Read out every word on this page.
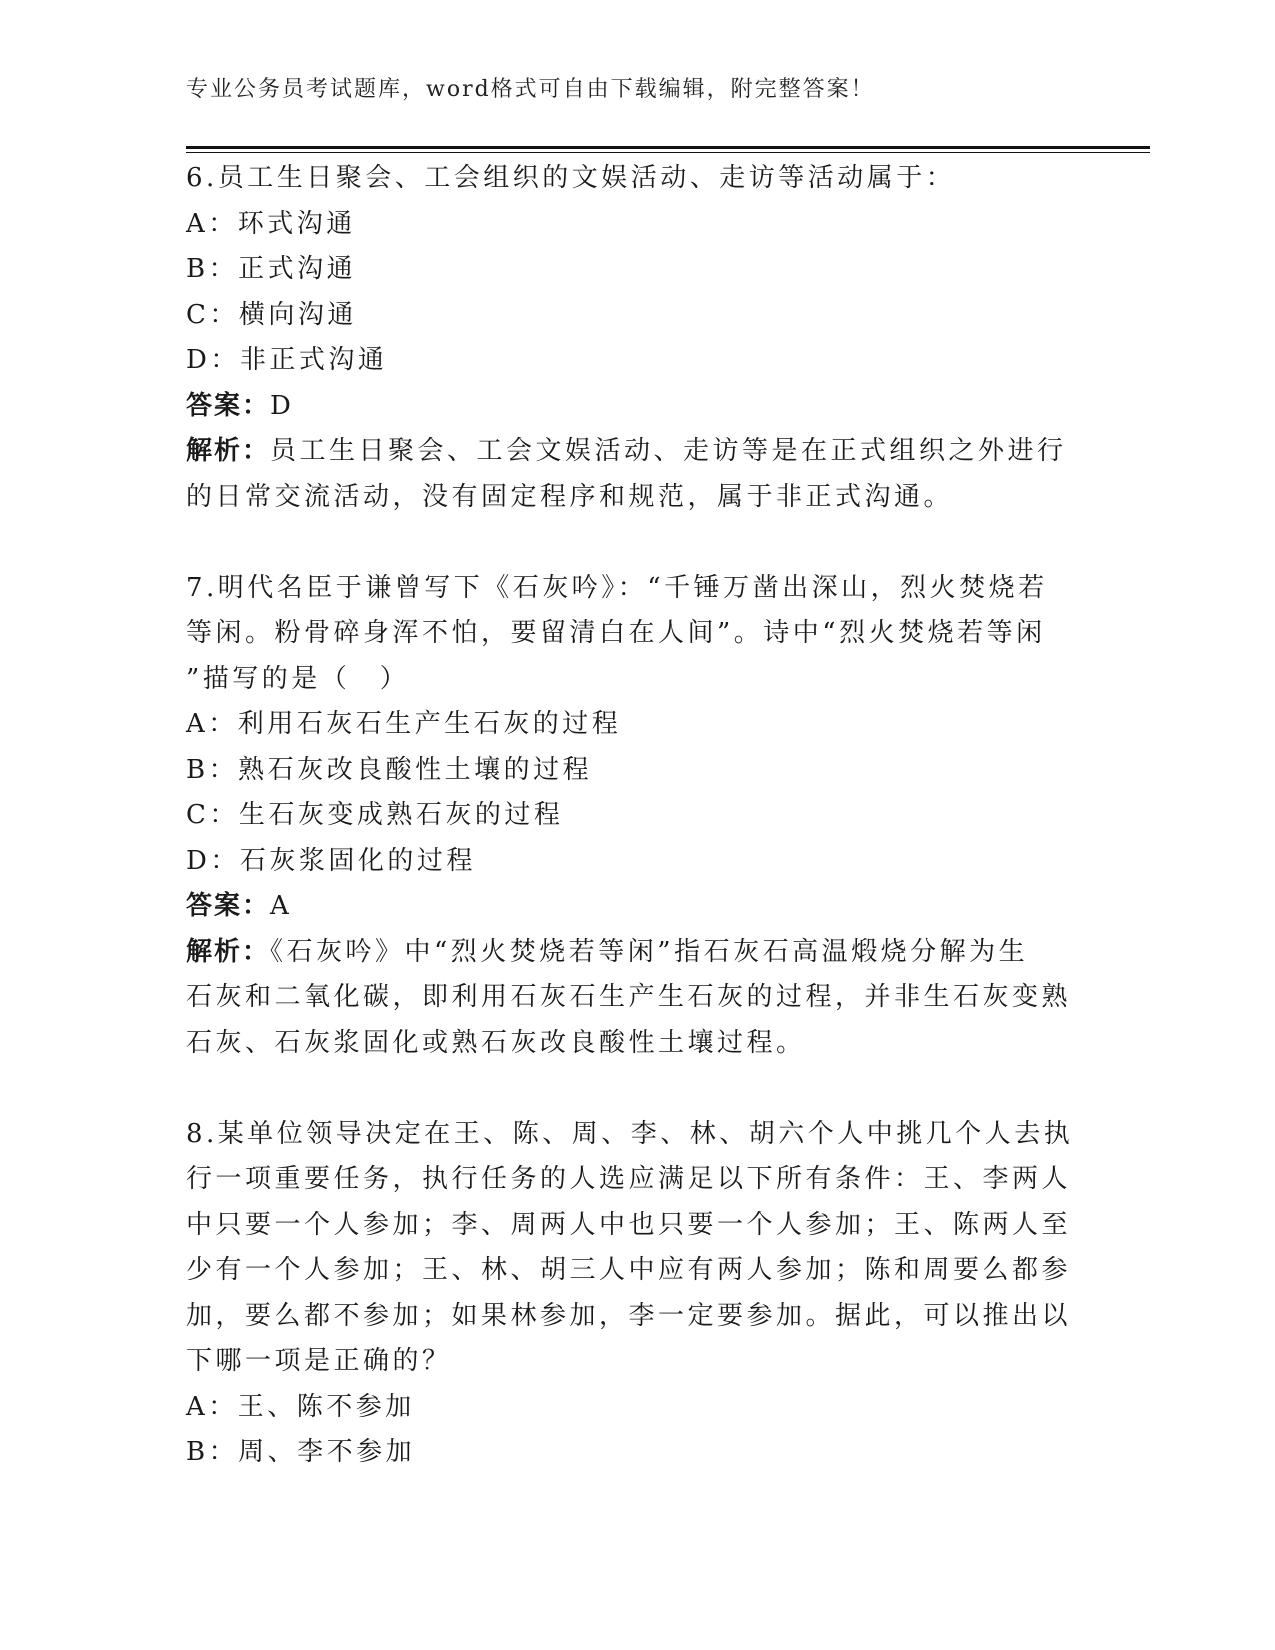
专业公务员考试题库，word格式可自由下载编辑，附完整答案！
6.员工生日聚会、工会组织的文娱活动、走访等活动属于：
A：环式沟通
B：正式沟通
C：横向沟通
D：非正式沟通
答案：D
解析：员工生日聚会、工会文娱活动、走访等是在正式组织之外进行
的日常交流活动，没有固定程序和规范，属于非正式沟通。
7.明代名臣于谦曾写下《石灰吟》：“千锤万凿出深山，烈火焚烧若
等闲。粉骨碎身浑不怕，要留清白在人间”。诗中“烈火焚烧若等闲
”描写的是（　）
A：利用石灰石生产生石灰的过程
B：熟石灰改良酸性土壤的过程
C：生石灰变成熟石灰的过程
D：石灰浆固化的过程
答案：A
解析：《石灰吟》中“烈火焚烧若等闲”指石灰石高温煅烧分解为生
石灰和二氧化碳，即利用石灰石生产生石灰的过程，并非生石灰变熟
石灰、石灰浆固化或熟石灰改良酸性土壤过程。
8.某单位领导决定在王、陈、周、李、林、胡六个人中挑几个人去执
行一项重要任务，执行任务的人选应满足以下所有条件：王、李两人
中只要一个人参加；李、周两人中也只要一个人参加；王、陈两人至
少有一个人参加；王、林、胡三人中应有两人参加；陈和周要么都参
加，要么都不参加；如果林参加，李一定要参加。据此，可以推出以
下哪一项是正确的？
A：王、陈不参加
B：周、李不参加
